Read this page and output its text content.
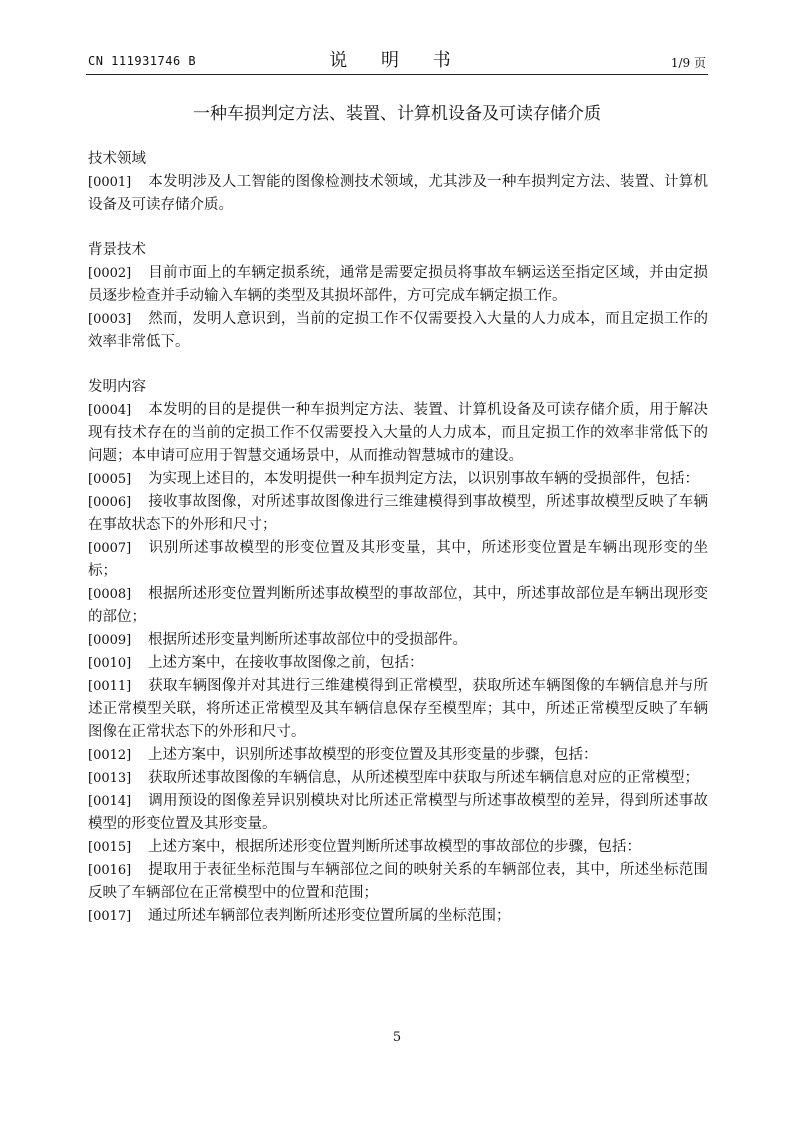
CN 111931746 B	说 明 书	1/9 页
一种车损判定方法、装置、计算机设备及可读存储介质

技术领域

[0001] 本发明涉及人工智能的图像检测技术领域，尤其涉及一种车损判定方法、装置、计算机设备及可读存储介质。

背景技术

[0002] 目前市面上的车辆定损系统，通常是需要定损员将事故车辆运送至指定区域，并由定损员逐步检查并手动输入车辆的类型及其损坏部件，方可完成车辆定损工作。

[0003] 然而，发明人意识到，当前的定损工作不仅需要投入大量的人力成本，而且定损工作的效率非常低下。

发明内容

[0004] 本发明的目的是提供一种车损判定方法、装置、计算机设备及可读存储介质，用于解决现有技术存在的当前的定损工作不仅需要投入大量的人力成本，而且定损工作的效率非常低下的问题；本申请可应用于智慧交通场景中，从而推动智慧城市的建设。

[0005] 为实现上述目的，本发明提供一种车损判定方法，以识别事故车辆的受损部件，包括：

[0006] 接收事故图像，对所述事故图像进行三维建模得到事故模型，所述事故模型反映了车辆在事故状态下的外形和尺寸；

[0007] 识别所述事故模型的形变位置及其形变量，其中，所述形变位置是车辆出现形变的坐标；

[0008] 根据所述形变位置判断所述事故模型的事故部位，其中，所述事故部位是车辆出现形变的部位；

[0009] 根据所述形变量判断所述事故部位中的受损部件。

[0010] 上述方案中，在接收事故图像之前，包括：

[0011] 获取车辆图像并对其进行三维建模得到正常模型，获取所述车辆图像的车辆信息并与所述正常模型关联，将所述正常模型及其车辆信息保存至模型库；其中，所述正常模型反映了车辆图像在正常状态下的外形和尺寸。

[0012] 上述方案中，识别所述事故模型的形变位置及其形变量的步骤，包括：

[0013] 获取所述事故图像的车辆信息，从所述模型库中获取与所述车辆信息对应的正常模型；

[0014] 调用预设的图像差异识别模块对比所述正常模型与所述事故模型的差异，得到所述事故模型的形变位置及其形变量。

[0015] 上述方案中，根据所述形变位置判断所述事故模型的事故部位的步骤，包括：

[0016] 提取用于表征坐标范围与车辆部位之间的映射关系的车辆部位表，其中，所述坐标范围反映了车辆部位在正常模型中的位置和范围；

[0017] 通过所述车辆部位表判断所述形变位置所属的坐标范围；

5
